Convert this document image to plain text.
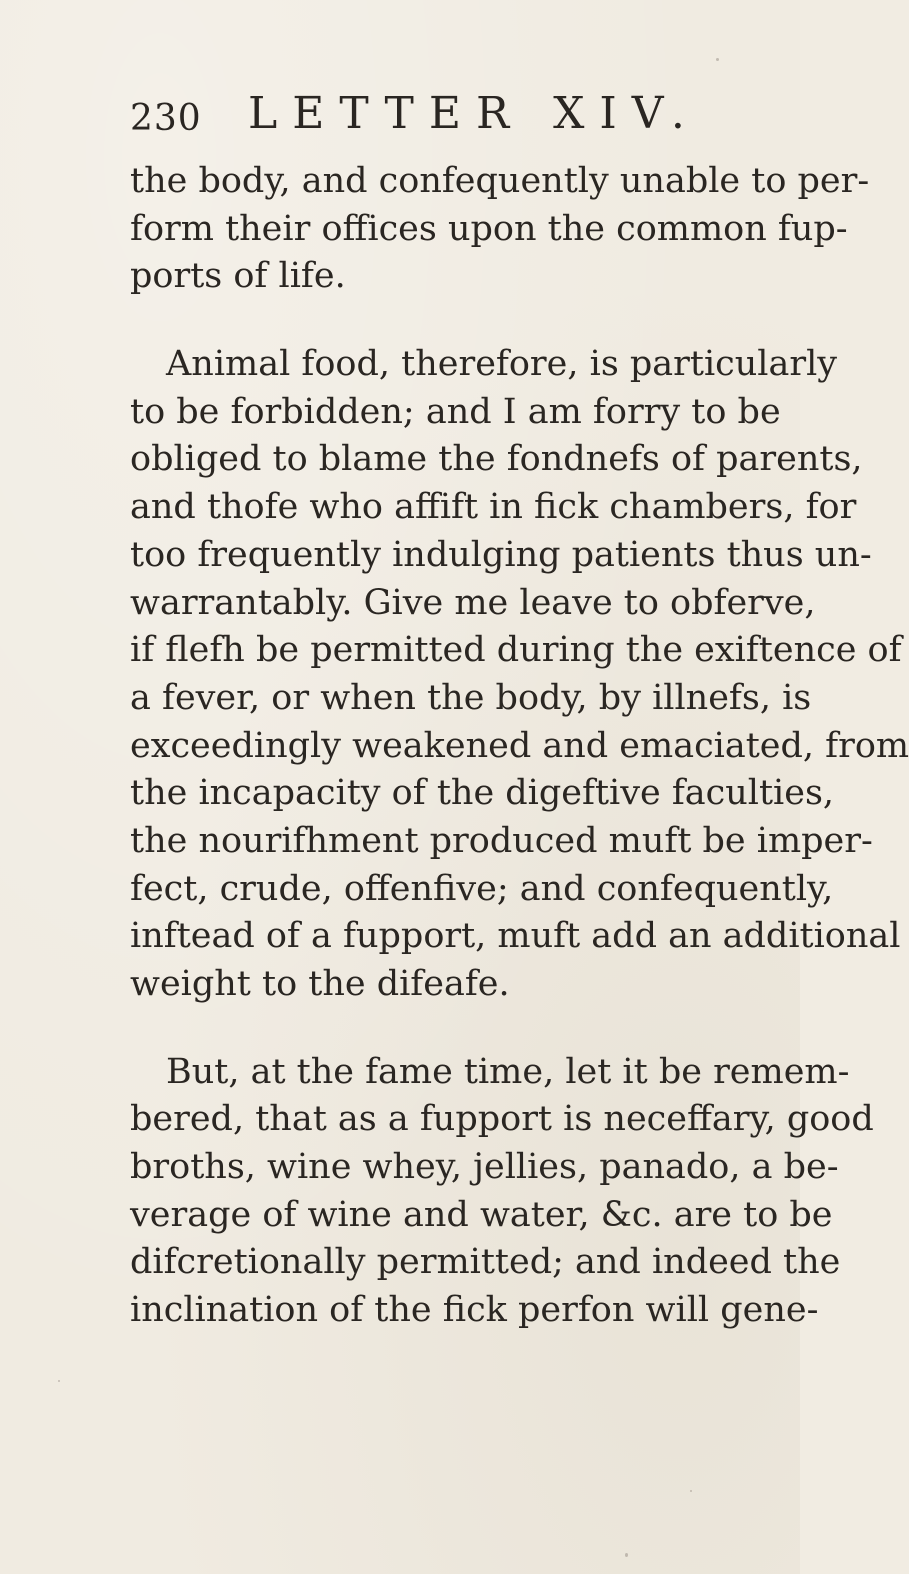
230 LETTER XIV.
the body, and confequently unable to per-
form their offices upon the common fup-
ports of life.
Animal food, therefore, is particularly
to be forbidden; and I am forry to be
obliged to blame the fondnefs of parents,
and thofe who affift in fick chambers, for
too frequently indulging patients thus un-
warrantably. Give me leave to obferve,
if flefh be permitted during the exiftence of
a fever, or when the body, by illnefs, is
exceedingly weakened and emaciated, from
the incapacity of the digeftive faculties,
the nourifhment produced muft be imper-
fect, crude, offenfive; and confequently,
inftead of a fupport, muft add an additional
weight to the difeafe.
But, at the fame time, let it be remem-
bered, that as a fupport is neceffary, good
broths, wine whey, jellies, panado, a be-
verage of wine and water, &c. are to be
difcretionally permitted; and indeed the
inclination of the fick perfon will gene-
